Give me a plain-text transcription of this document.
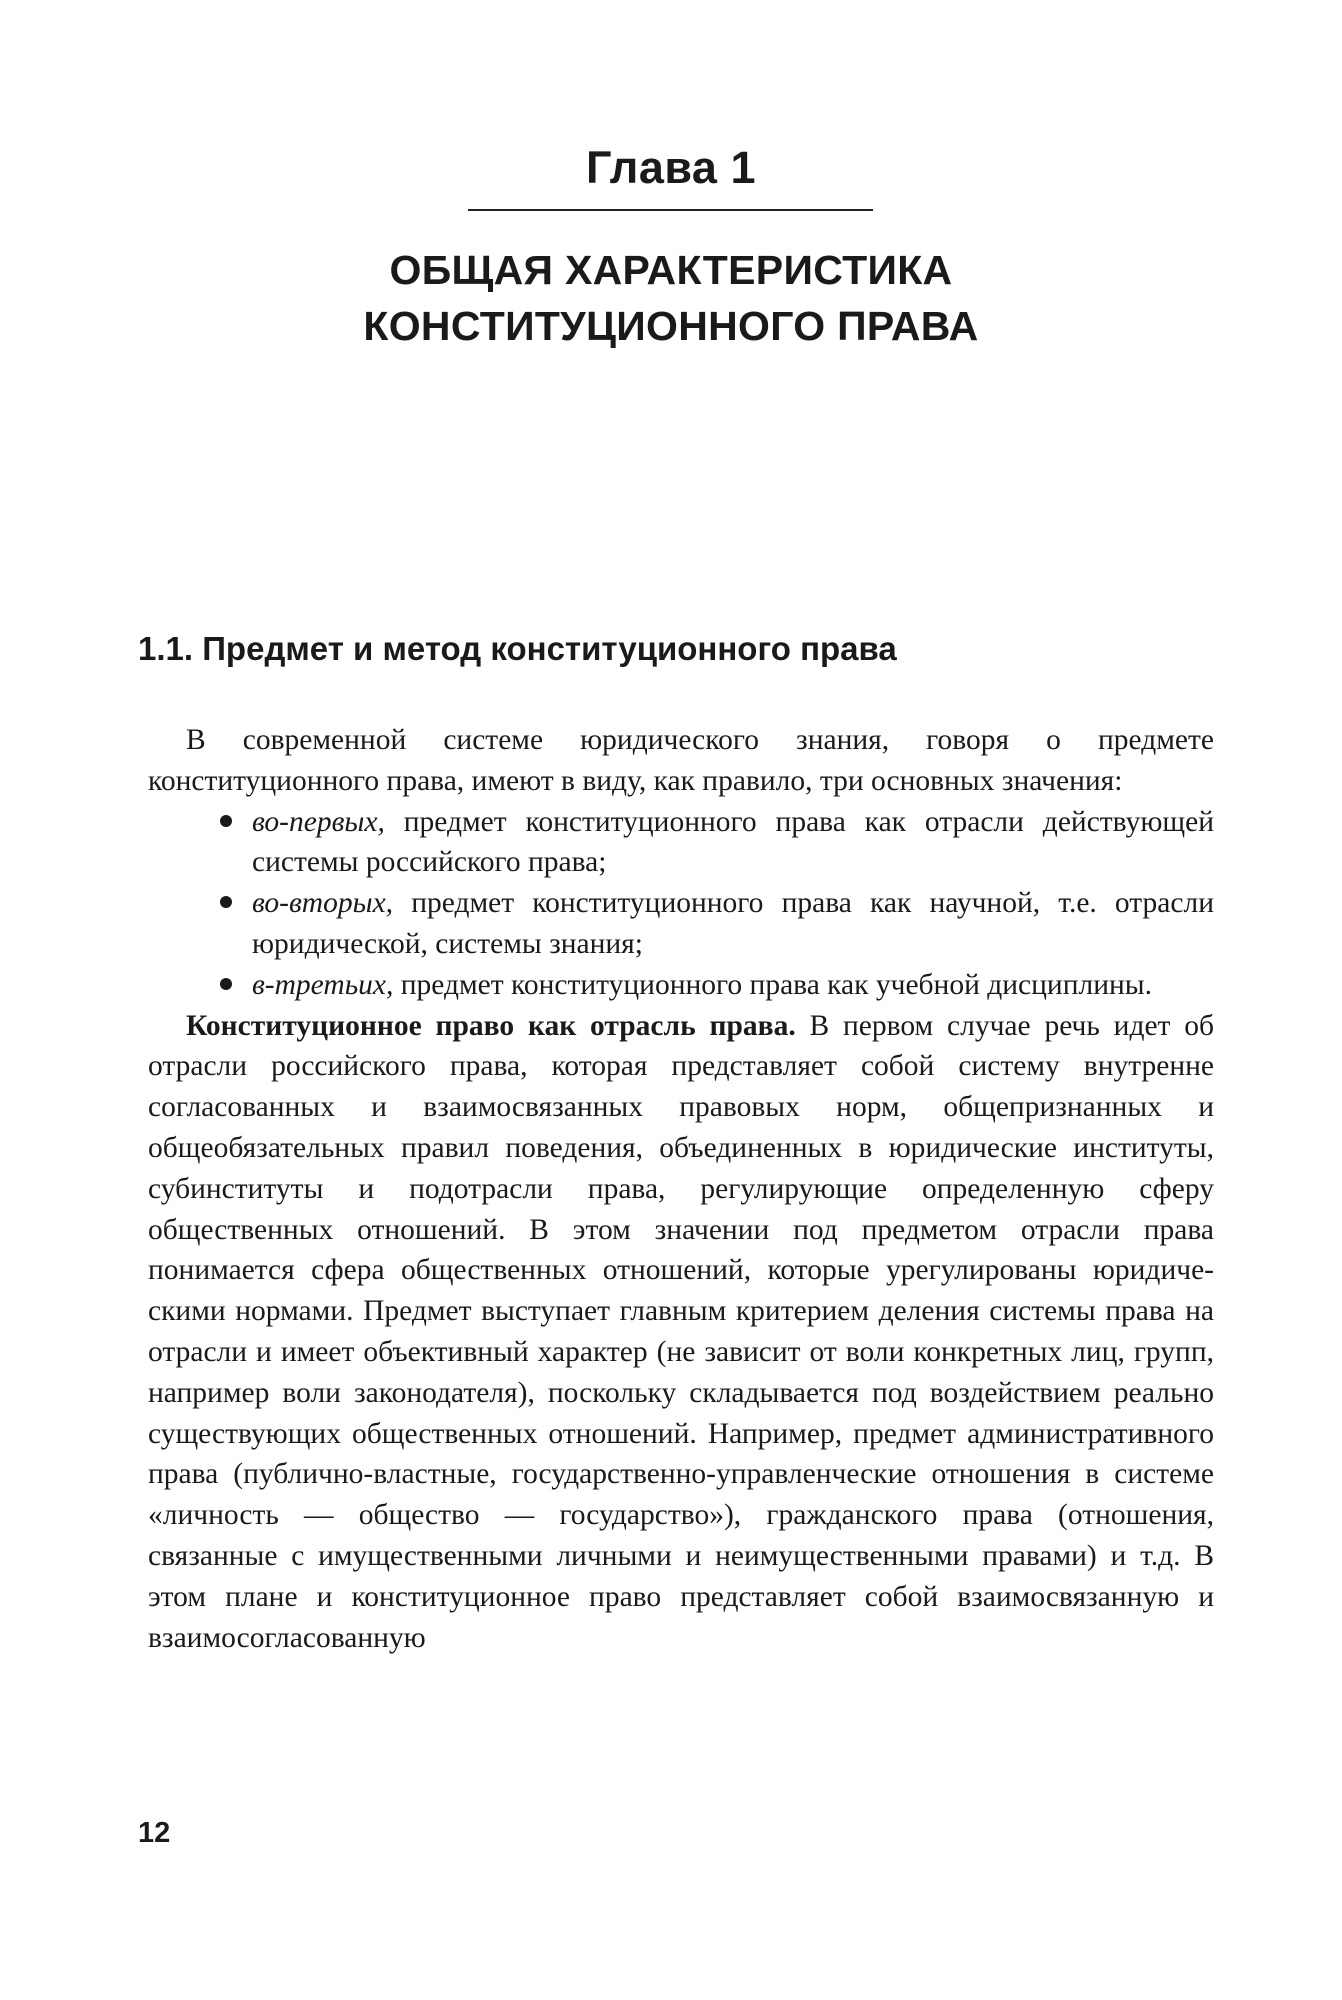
Глава 1
ОБЩАЯ ХАРАКТЕРИСТИКА
КОНСТИТУЦИОННОГО ПРАВА
1.1. Предмет и метод конституционного права

В современной системе юридического знания, говоря о предмете конституционного права, имеют в виду, как правило, три основных значения:

во-первых, предмет конституционного права как отрасли действующей системы российского права;
во-вторых, предмет конституционного права как научной, т.е. отрасли юридической, системы знания;
в-третьих, предмет конституционного права как учебной дисциплины.

Конституционное право как отрасль права. В первом случае речь идет об отрасли российского права, которая представляет собой систему внутренне согласованных и взаимосвязанных правовых норм, общепризнанных и общеобязательных правил поведения, объединенных в юридические институты, субинституты и подотрасли права, регулирующие определенную сферу общественных отношений. В этом значении под предметом отрасли права понимается сфера общественных отношений, которые урегулированы юридическими нормами. Предмет выступает главным критерием деления системы права на отрасли и имеет объективный характер (не зависит от воли конкретных лиц, групп, например воли законодателя), поскольку складывается под воздействием реально существующих общественных отношений. Например, предмет административного права (публично-властные, государственно-управленческие отношения в системе «личность — общество — государство»), гражданского права (отношения, связанные с имущественными личными и неимущественными правами) и т.д. В этом плане и конституционное право представляет собой взаимосвязанную и взаимосогласованную

12
